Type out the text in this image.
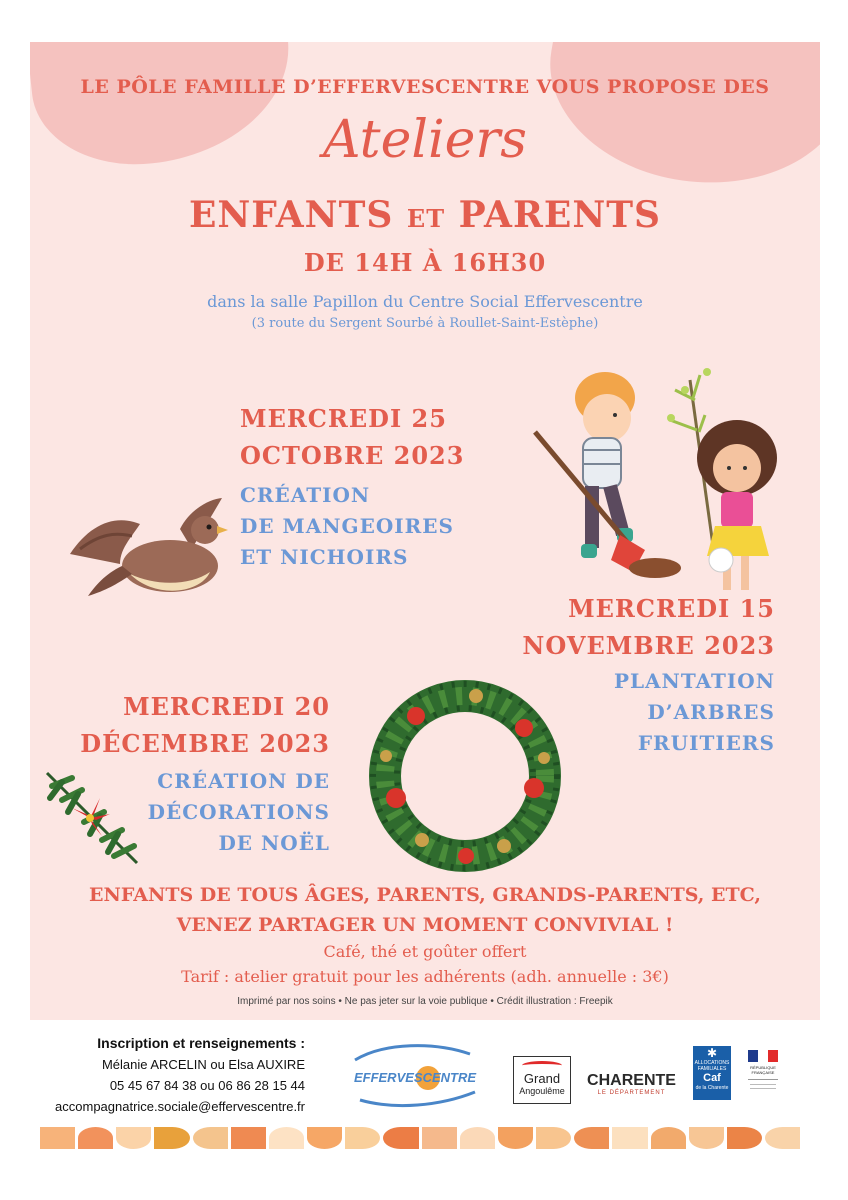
LE PÔLE FAMILLE D’EFFERVESCENTRE VOUS PROPOSE DES
Ateliers
ENFANTS ET PARENTS
DE 14H À 16H30
dans la salle Papillon du Centre Social Effervescentre
(3 route du Sergent Sourbé à Roullet-Saint-Estèphe)
MERCREDI 25
OCTOBRE 2023
CRÉATION
DE MANGEOIRES
ET NICHOIRS
MERCREDI 15
NOVEMBRE 2023
PLANTATION
D’ARBRES
FRUITIERS
MERCREDI 20
DÉCEMBRE 2023
CRÉATION DE
DÉCORATIONS
DE NOËL
ENFANTS DE TOUS ÂGES, PARENTS, GRANDS-PARENTS, ETC,
VENEZ PARTAGER UN MOMENT CONVIVIAL !
Café, thé et goûter offert
Tarif : atelier gratuit pour les adhérents (adh. annuelle : 3€)
Imprimé par nos soins • Ne pas jeter sur la voie publique • Crédit illustration : Freepik
Inscription et renseignements :
Mélanie ARCELIN ou Elsa AUXIRE
05 45 67 84 38 ou 06 86 28 15 44
accompagnatrice.sociale@effervescentre.fr
EFFERVESCENTRE	Grand
Angoulême
CHARENTE
LE DÉPARTEMENT
✱
ALLOCATIONS
FAMILIALES
Caf
de la Charente
RÉPUBLIQUE FRANÇAISE
